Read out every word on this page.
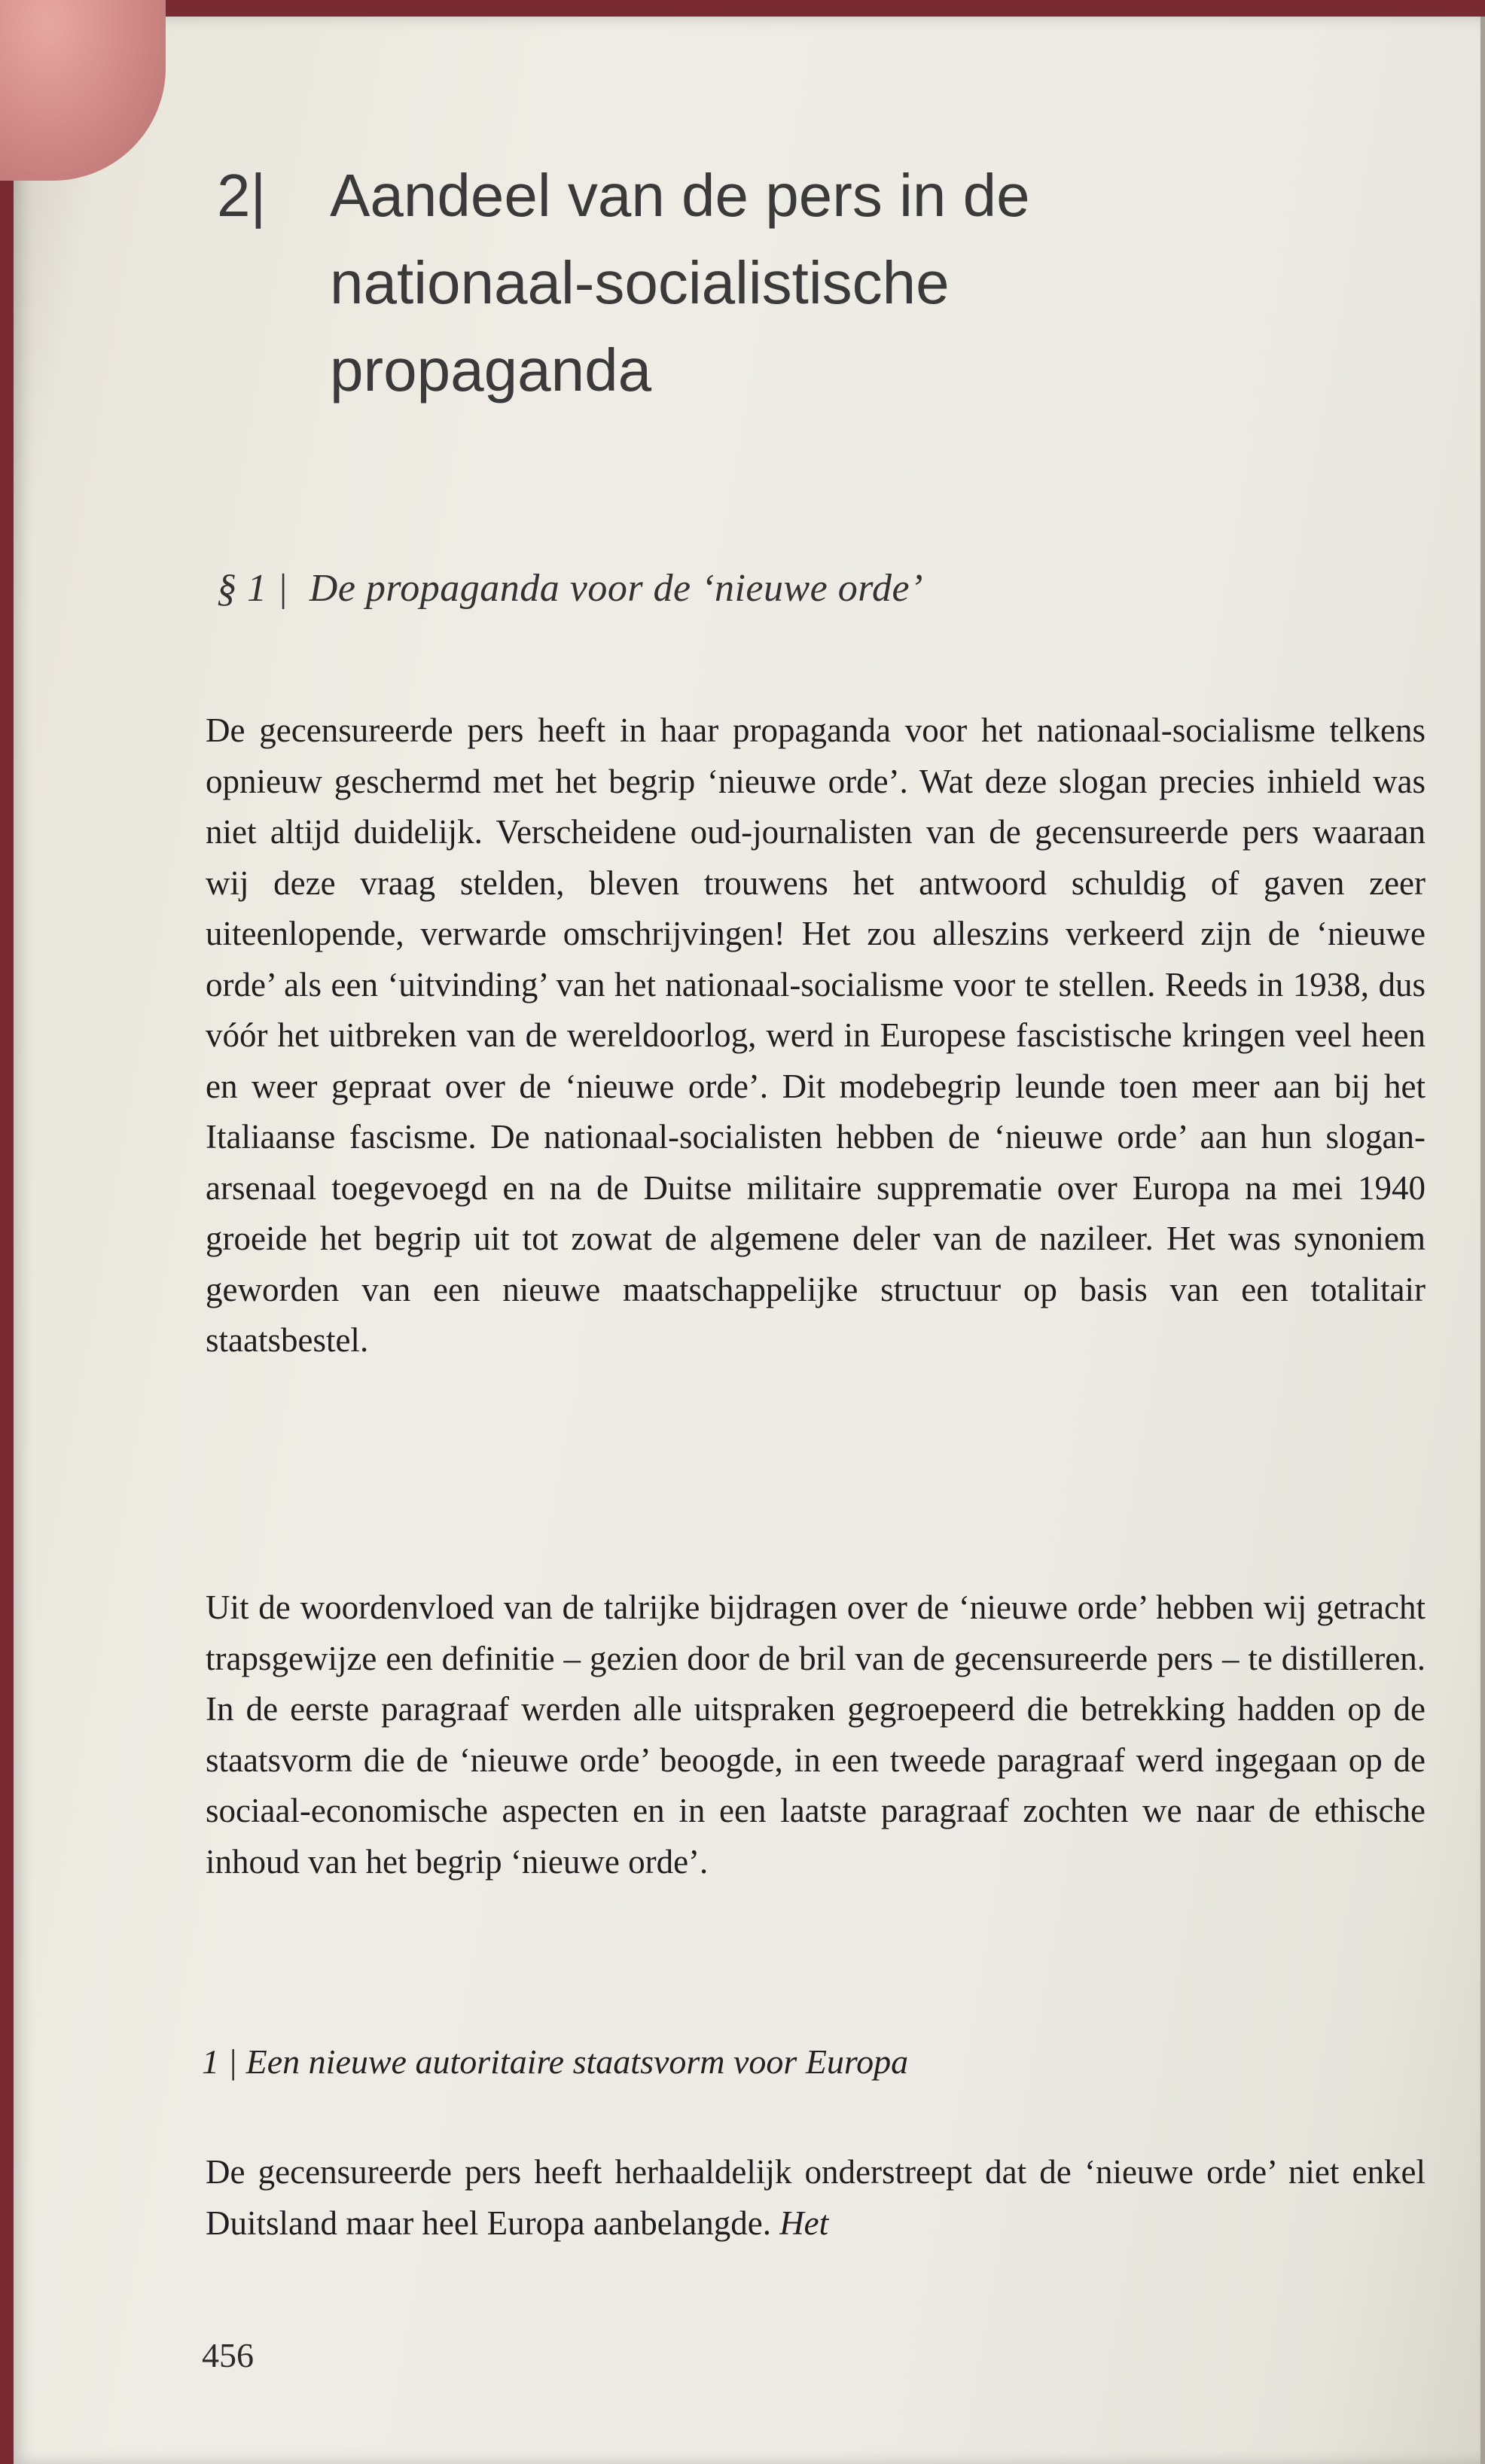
2|	Aandeel van de pers in de
nationaal-socialistische
propaganda
§ 1 | De propaganda voor de ‘nieuwe orde’

De gecensureerde pers heeft in haar propaganda voor het nationaal-socialisme telkens opnieuw geschermd met het begrip ‘nieuwe orde’. Wat deze slogan precies inhield was niet altijd duidelijk. Verscheidene oud-journalisten van de gecensureerde pers waaraan wij deze vraag stelden, bleven trouwens het antwoord schuldig of gaven zeer uiteenlopende, verwarde omschrijvingen! Het zou alleszins verkeerd zijn de ‘nieuwe orde’ als een ‘uitvinding’ van het nationaal-socialisme voor te stellen. Reeds in 1938, dus vóór het uitbreken van de wereldoorlog, werd in Europese fascistische kringen veel heen en weer gepraat over de ‘nieuwe orde’. Dit modebegrip leunde toen meer aan bij het Italiaanse fascisme. De nationaal-socialisten hebben de ‘nieuwe orde’ aan hun slogan-arsenaal toegevoegd en na de Duitse militaire supprematie over Europa na mei 1940 groeide het begrip uit tot zowat de algemene deler van de nazileer. Het was synoniem geworden van een nieuwe maatschappelijke structuur op basis van een totalitair staatsbestel.

Uit de woordenvloed van de talrijke bijdragen over de ‘nieuwe orde’ hebben wij getracht trapsgewijze een definitie – gezien door de bril van de gecensureerde pers – te distilleren. In de eerste paragraaf werden alle uitspraken gegroepeerd die betrekking hadden op de staatsvorm die de ‘nieuwe orde’ beoogde, in een tweede paragraaf werd ingegaan op de sociaal-economische aspecten en in een laatste paragraaf zochten we naar de ethische inhoud van het begrip ‘nieuwe orde’.

1 | Een nieuwe autoritaire staatsvorm voor Europa

De gecensureerde pers heeft herhaaldelijk onderstreept dat de ‘nieuwe orde’ niet enkel Duitsland maar heel Europa aanbelangde. Het

456
